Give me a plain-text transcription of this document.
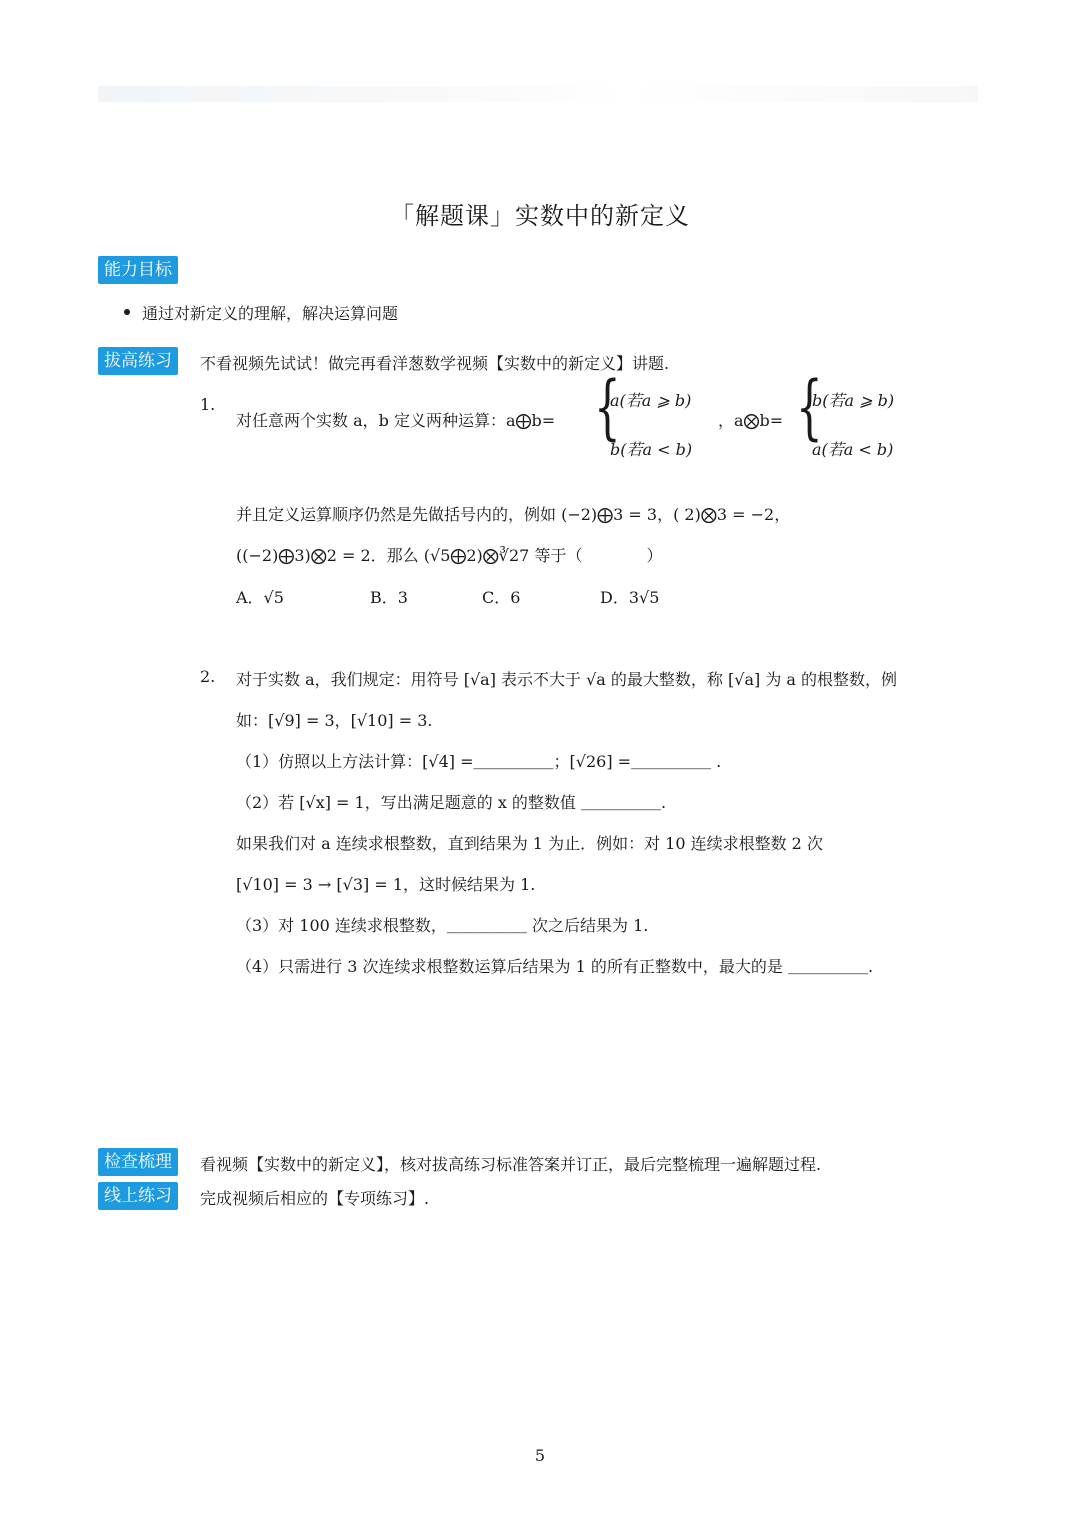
「解题课」实数中的新定义
能力目标
通过对新定义的理解，解决运算问题
拔高练习	不看视频先试试！做完再看洋葱数学视频【实数中的新定义】讲题.
1.
对任意两个实数 a，b 定义两种运算：a⨁b= {
a(若a ⩾ b)
b(若a < b)
，a⨂b= {
b(若a ⩾ b)
a(若a < b)
并且定义运算顺序仍然是先做括号内的，例如 (−2)⨁3 = 3，( 2)⨂3 = −2，
((−2)⨁3)⨂2 = 2．那么 (√5⨁2)⨂∛27 等于（　　　　）
A．√5	B．3	C．6	D．3√5
2. 对于实数 a，我们规定：用符号 [√a] 表示不大于 √a 的最大整数，称 [√a] 为 a 的根整数，例
如：[√9] = 3，[√10] = 3.
（1）仿照以上方法计算：[√4] =＿＿＿＿＿；[√26] =＿＿＿＿＿ .
（2）若 [√x] = 1，写出满足题意的 x 的整数值 ＿＿＿＿＿.
如果我们对 a 连续求根整数，直到结果为 1 为止．例如：对 10 连续求根整数 2 次
[√10] = 3 → [√3] = 1，这时候结果为 1.
（3）对 100 连续求根整数，＿＿＿＿＿ 次之后结果为 1.
（4）只需进行 3 次连续求根整数运算后结果为 1 的所有正整数中，最大的是 ＿＿＿＿＿.
检查梳理	看视频【实数中的新定义】，核对拔高练习标准答案并订正，最后完整梳理一遍解题过程.
线上练习	完成视频后相应的【专项练习】.
5
